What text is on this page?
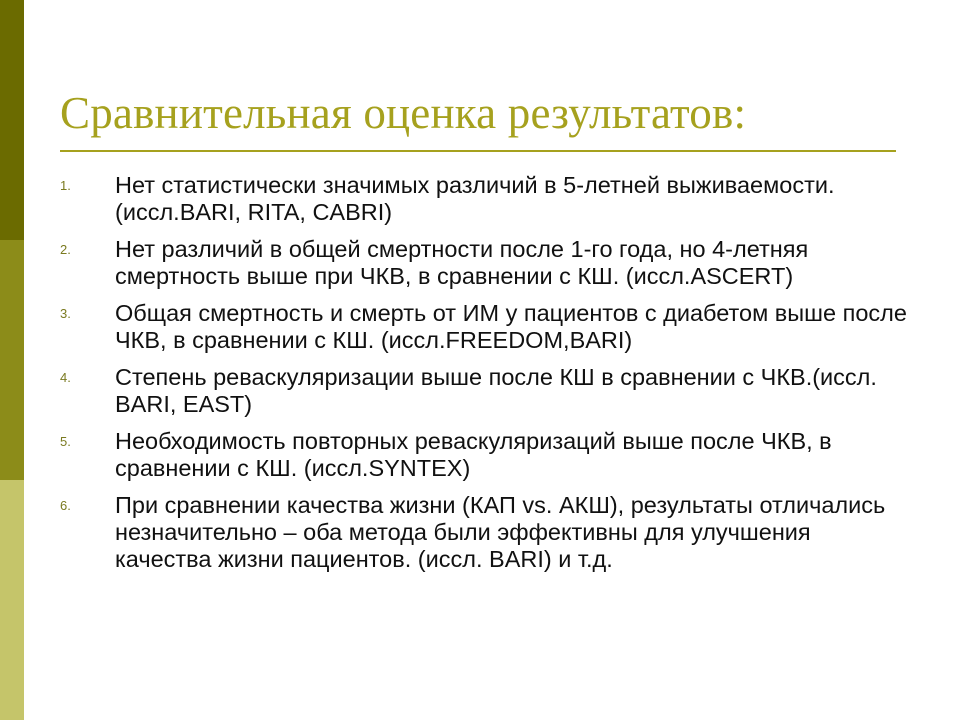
Сравнительная оценка результатов:
1. Нет статистически значимых различий в 5-летней выживаемости. (иссл.BARI, RITA, CABRI)
2. Нет различий в общей смертности после 1-го года, но 4-летняя смертность выше при ЧКВ, в сравнении с КШ. (иссл.ASCERT)
3. Общая смертность и смерть от ИМ у пациентов с диабетом выше после ЧКВ, в сравнении с КШ. (иссл.FREEDOM,BARI)
4. Степень реваскуляризации выше после КШ в сравнении с ЧКВ.(иссл. BARI, EAST)
5. Необходимость повторных реваскуляризаций выше после ЧКВ, в сравнении с КШ. (иссл.SYNTEX)
6. При сравнении качества жизни (КАП vs. АКШ), результаты отличались незначительно – оба метода были эффективны для улучшения качества жизни пациентов. (иссл. BARI) и т.д.
